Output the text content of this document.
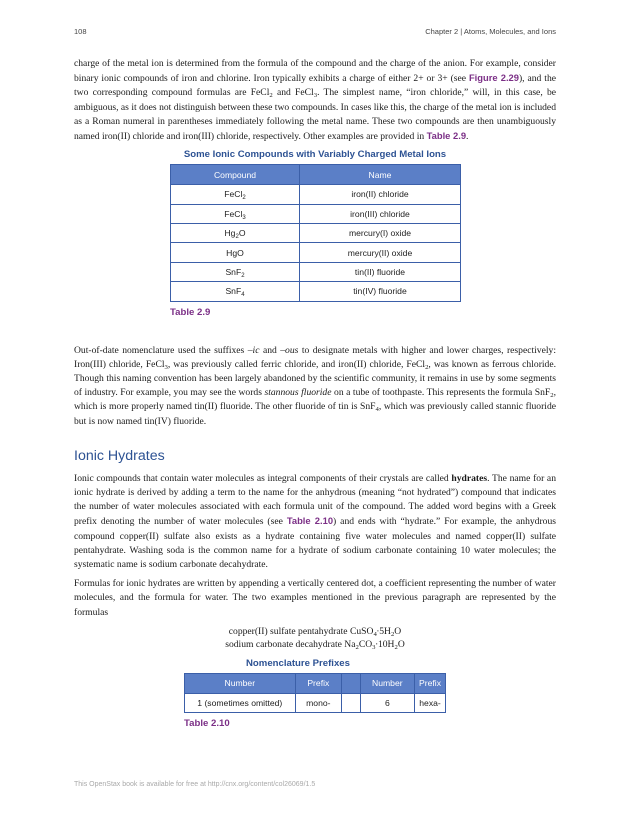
108	Chapter 2 | Atoms, Molecules, and Ions

charge of the metal ion is determined from the formula of the compound and the charge of the anion. For example, consider binary ionic compounds of iron and chlorine. Iron typically exhibits a charge of either 2+ or 3+ (see Figure 2.29), and the two corresponding compound formulas are FeCl$_2$ and FeCl$_3$. The simplest name, “iron chloride,” will, in this case, be ambiguous, as it does not distinguish between these two compounds. In cases like this, the charge of the metal ion is included as a Roman numeral in parentheses immediately following the metal name. These two compounds are then unambiguously named iron(II) chloride and iron(III) chloride, respectively. Other examples are provided in Table 2.9.

Some Ionic Compounds with Variably Charged Metal Ions
Compound	Name
FeCl$_2$	iron(II) chloride
FeCl$_3$	iron(III) chloride
$Hg_2O$	mercury(I) oxide
HgO	mercury(II) oxide
SnF$_2$	tin(II) fluoride
SnF$_4$	tin(IV) fluoride
Table 2.9

Out-of-date nomenclature used the suffixes –ic and –ous to designate metals with higher and lower charges, respectively: Iron(III) chloride, FeCl$_3$, was previously called ferric chloride, and iron(II) chloride, FeCl$_2$, was known as ferrous chloride. Though this naming convention has been largely abandoned by the scientific community, it remains in use by some segments of industry. For example, you may see the words stannous fluoride on a tube of toothpaste. This represents the formula SnF$_2$, which is more properly named tin(II) fluoride. The other fluoride of tin is SnF$_4$, which was previously called stannic fluoride but is now named tin(IV) fluoride.

Ionic Hydrates

Ionic compounds that contain water molecules as integral components of their crystals are called hydrates. The name for an ionic hydrate is derived by adding a term to the name for the anhydrous (meaning “not hydrated”) compound that indicates the number of water molecules associated with each formula unit of the compound. The added word begins with a Greek prefix denoting the number of water molecules (see Table 2.10) and ends with “hydrate.” For example, the anhydrous compound copper(II) sulfate also exists as a hydrate containing five water molecules and named copper(II) sulfate pentahydrate. Washing soda is the common name for a hydrate of sodium carbonate containing 10 water molecules; the systematic name is sodium carbonate decahydrate.

Formulas for ionic hydrates are written by appending a vertically centered dot, a coefficient representing the number of water molecules, and the formula for water. The two examples mentioned in the previous paragraph are represented by the formulas

copper(II) sulfate pentahydrate $CuSO_4\cdot 5H_2O$
sodium carbonate decahydrate $Na_2CO_3\cdot 10H_2O$
Nomenclature Prefixes
Number	Prefix		Number	Prefix
1 (sometimes omitted)	mono-		6	hexa-
Table 2.10
This OpenStax book is available for free at http://cnx.org/content/col26069/1.5
